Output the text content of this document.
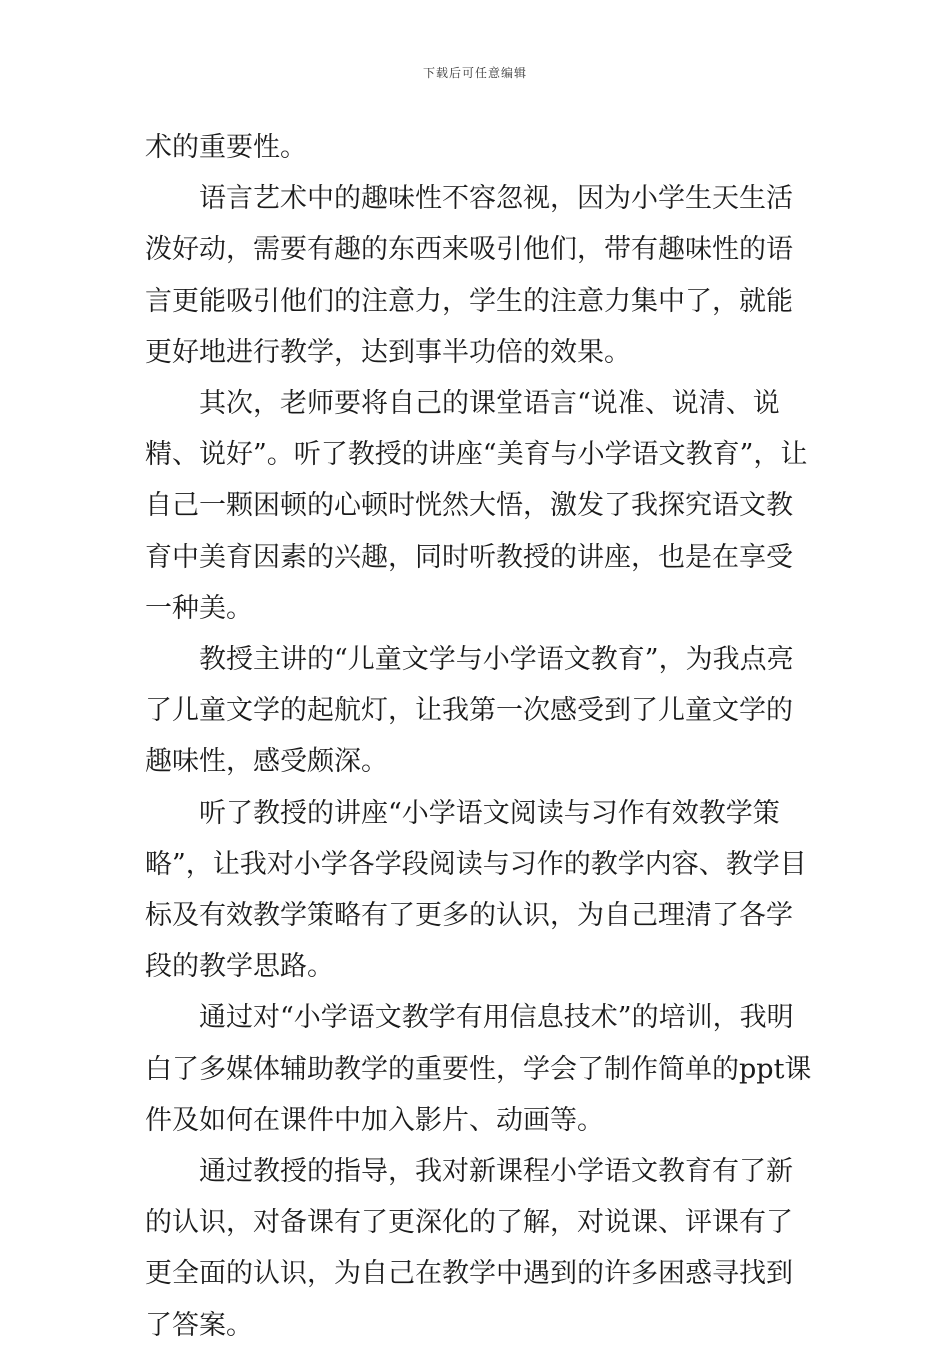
下载后可任意编辑

术的重要性。

语言艺术中的趣味性不容忽视，因为小学生天生活泼好动，需要有趣的东西来吸引他们，带有趣味性的语言更能吸引他们的注意力，学生的注意力集中了，就能更好地进行教学，达到事半功倍的效果。

其次，老师要将自己的课堂语言“说准、说清、说精、说好”。听了教授的讲座“美育与小学语文教育”，让自己一颗困顿的心顿时恍然大悟，激发了我探究语文教育中美育因素的兴趣，同时听教授的讲座，也是在享受一种美。

教授主讲的“儿童文学与小学语文教育”，为我点亮了儿童文学的起航灯，让我第一次感受到了儿童文学的趣味性，感受颇深。

听了教授的讲座“小学语文阅读与习作有效教学策略”，让我对小学各学段阅读与习作的教学内容、教学目标及有效教学策略有了更多的认识，为自己理清了各学段的教学思路。

通过对“小学语文教学有用信息技术”的培训，我明白了多媒体辅助教学的重要性，学会了制作简单的ppt课件及如何在课件中加入影片、动画等。

通过教授的指导，我对新课程小学语文教育有了新的认识，对备课有了更深化的了解，对说课、评课有了更全面的认识，为自己在教学中遇到的许多困惑寻找到了答案。
